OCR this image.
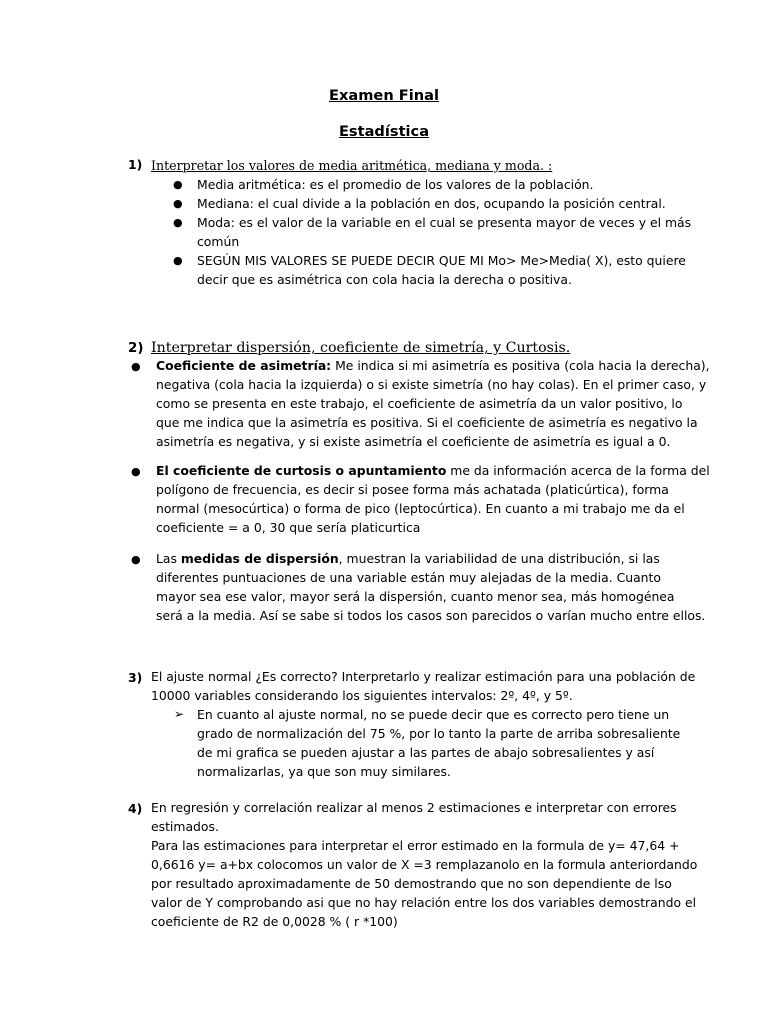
Examen Final
Estadística
1) Interpretar los valores de media aritmética, mediana y moda. :
● Media aritmética: es el promedio de los valores de la población.
● Mediana: el cual divide a la población en dos, ocupando la posición central.
● Moda: es el valor de la variable en el cual se presenta mayor de veces y el más
común
● SEGÚN MIS VALORES SE PUEDE DECIR QUE MI Mo> Me>Media( X), esto quiere
decir que es asimétrica con cola hacia la derecha o positiva.
2) Interpretar dispersión, coeficiente de simetría, y Curtosis.
● Coeficiente de asimetría: Me indica si mi asimetría es positiva (cola hacia la derecha),
negativa (cola hacia la izquierda) o si existe simetría (no hay colas). En el primer caso, y
como se presenta en este trabajo, el coeficiente de asimetría da un valor positivo, lo
que me indica que la asimetría es positiva. Si el coeficiente de asimetría es negativo la
asimetría es negativa, y si existe asimetría el coeficiente de asimetría es igual a 0.
● El coeficiente de curtosis o apuntamiento me da información acerca de la forma del
polígono de frecuencia, es decir si posee forma más achatada (platicúrtica), forma
normal (mesocúrtica) o forma de pico (leptocúrtica). En cuanto a mi trabajo me da el
coeficiente = a 0, 30 que sería platicurtica
● Las medidas de dispersión, muestran la variabilidad de una distribución, si las
diferentes puntuaciones de una variable están muy alejadas de la media. Cuanto
mayor sea ese valor, mayor será la dispersión, cuanto menor sea, más homogénea
será a la media. Así se sabe si todos los casos son parecidos o varían mucho entre ellos.
3) El ajuste normal ¿Es correcto? Interpretarlo y realizar estimación para una población de
10000 variables considerando los siguientes intervalos: 2º, 4º, y 5º.
➢ En cuanto al ajuste normal, no se puede decir que es correcto pero tiene un
grado de normalización del 75 %, por lo tanto la parte de arriba sobresaliente
de mi grafica se pueden ajustar a las partes de abajo sobresalientes y así
normalizarlas, ya que son muy similares.
4) En regresión y correlación realizar al menos 2 estimaciones e interpretar con errores
estimados.
Para las estimaciones para interpretar el error estimado en la formula de y= 47,64 +
0,6616 y= a+bx colocomos un valor de X =3 remplazanolo en la formula anteriordando
por resultado aproximadamente de 50 demostrando que no son dependiente de lso
valor de Y comprobando asi que no hay relación entre los dos variables demostrando el
coeficiente de R2 de 0,0028 % ( r *100)
